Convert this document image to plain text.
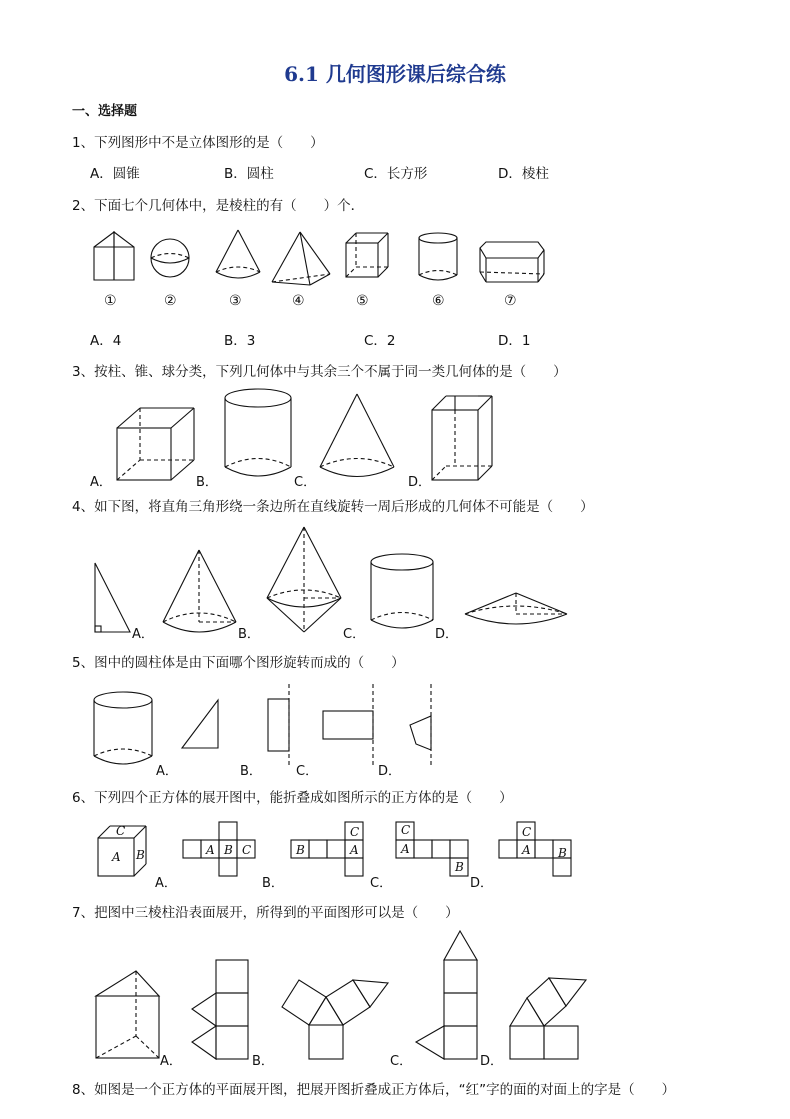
6.1 几何图形课后综合练
一、选择题
1、下列图形中不是立体图形的是（　　）
A．圆锥	B．圆柱	C．长方形	D．棱柱
2、下面七个几何体中，是棱柱的有（　　）个．
①	②	③	④	⑤	⑥	⑦
A．4	B．3	C．2	D．1
3、按柱、锥、球分类，下列几何体中与其余三个不属于同一类几何体的是（　　）
A．	B．	C．	D．
4、如下图，将直角三角形绕一条边所在直线旋转一周后形成的几何体不可能是（　　）
A．	B．	C．	D．
5、图中的圆柱体是由下面哪个图形旋转而成的（　　）
A．	B．	C．	D．
6、下列四个正方体的展开图中，能折叠成如图所示的正方体的是（　　）
C
A B	A B C	B
C
A
C
A
B
C
A B
A．	B．	C．	D．
7、把图中三棱柱沿表面展开，所得到的平面图形可以是（　　）
A．	B．	C．	D．
8、如图是一个正方体的平面展开图，把展开图折叠成正方体后，“红”字的面的对面上的字是（　　）
